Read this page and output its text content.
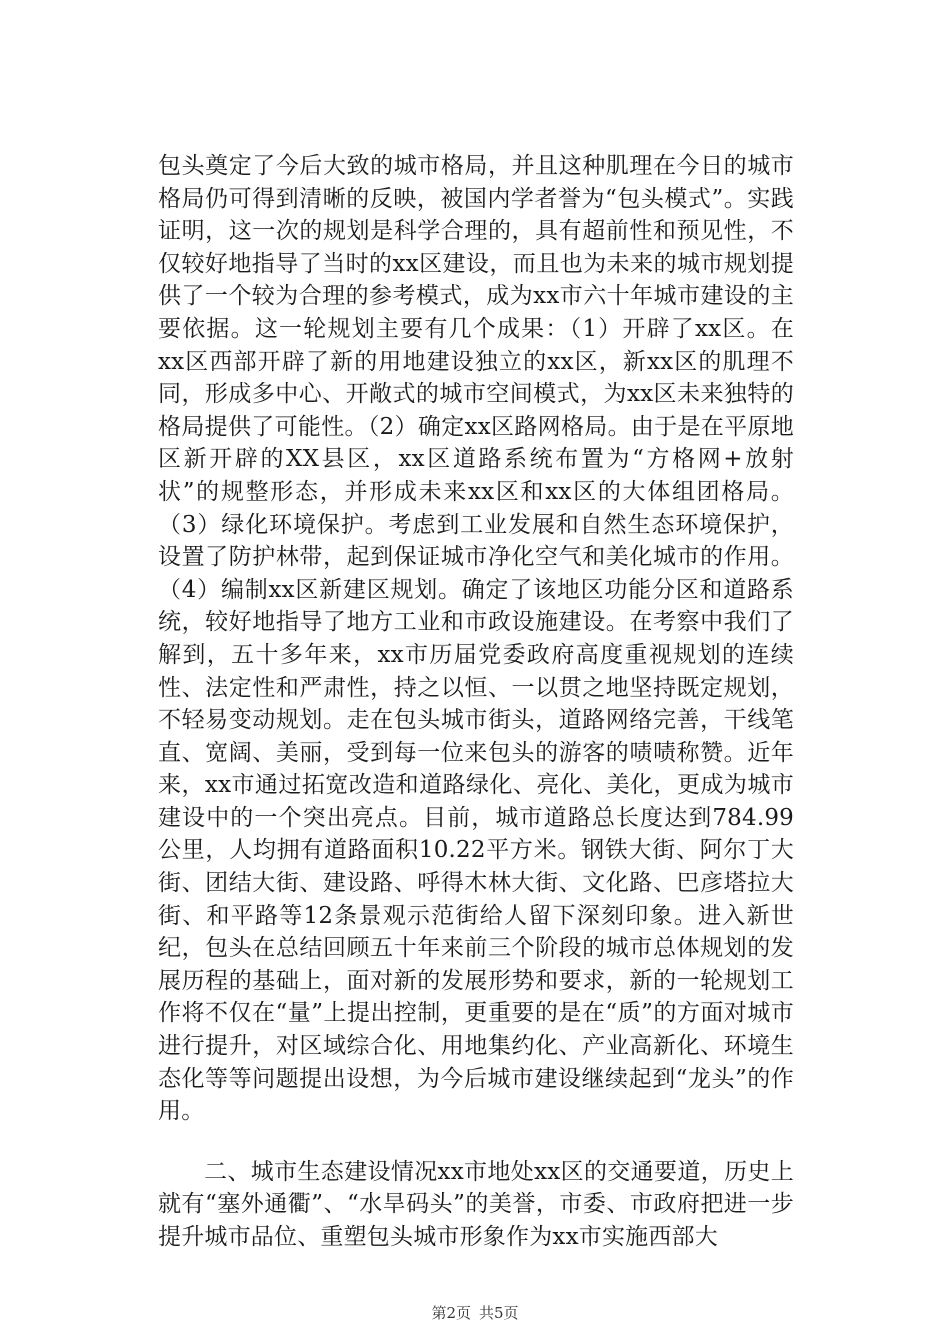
包头奠定了今后大致的城市格局，并且这种肌理在今日的城市格局仍可得到清晰的反映，被国内学者誉为“包头模式”。实践证明，这一次的规划是科学合理的，具有超前性和预见性，不仅较好地指导了当时的xx区建设，而且也为未来的城市规划提供了一个较为合理的参考模式，成为xx市六十年城市建设的主要依据。这一轮规划主要有几个成果：（1）开辟了xx区。在xx区西部开辟了新的用地建设独立的xx区，新xx区的肌理不同，形成多中心、开敞式的城市空间模式，为xx区未来独特的格局提供了可能性。（2）确定xx区路网格局。由于是在平原地区新开辟的XX县区，xx区道路系统布置为“方格网+放射状”的规整形态，并形成未来xx区和xx区的大体组团格局。（3）绿化环境保护。考虑到工业发展和自然生态环境保护，设置了防护林带，起到保证城市净化空气和美化城市的作用。（4）编制xx区新建区规划。确定了该地区功能分区和道路系统，较好地指导了地方工业和市政设施建设。在考察中我们了解到，五十多年来，xx市历届党委政府高度重视规划的连续性、法定性和严肃性，持之以恒、一以贯之地坚持既定规划，不轻易变动规划。走在包头城市街头，道路网络完善，干线笔直、宽阔、美丽，受到每一位来包头的游客的啧啧称赞。近年来，xx市通过拓宽改造和道路绿化、亮化、美化，更成为城市建设中的一个突出亮点。目前，城市道路总长度达到784.99公里，人均拥有道路面积10.22平方米。钢铁大街、阿尔丁大街、团结大街、建设路、呼得木林大街、文化路、巴彦塔拉大街、和平路等12条景观示范街给人留下深刻印象。进入新世纪，包头在总结回顾五十年来前三个阶段的城市总体规划的发展历程的基础上，面对新的发展形势和要求，新的一轮规划工作将不仅在“量”上提出控制，更重要的是在“质”的方面对城市进行提升，对区域综合化、用地集约化、产业高新化、环境生态化等等问题提出设想，为今后城市建设继续起到“龙头”的作用。

二、城市生态建设情况xx市地处xx区的交通要道，历史上就有“塞外通衢”、“水旱码头”的美誉，市委、市政府把进一步提升城市品位、重塑包头城市形象作为xx市实施西部大

第2页 共5页
